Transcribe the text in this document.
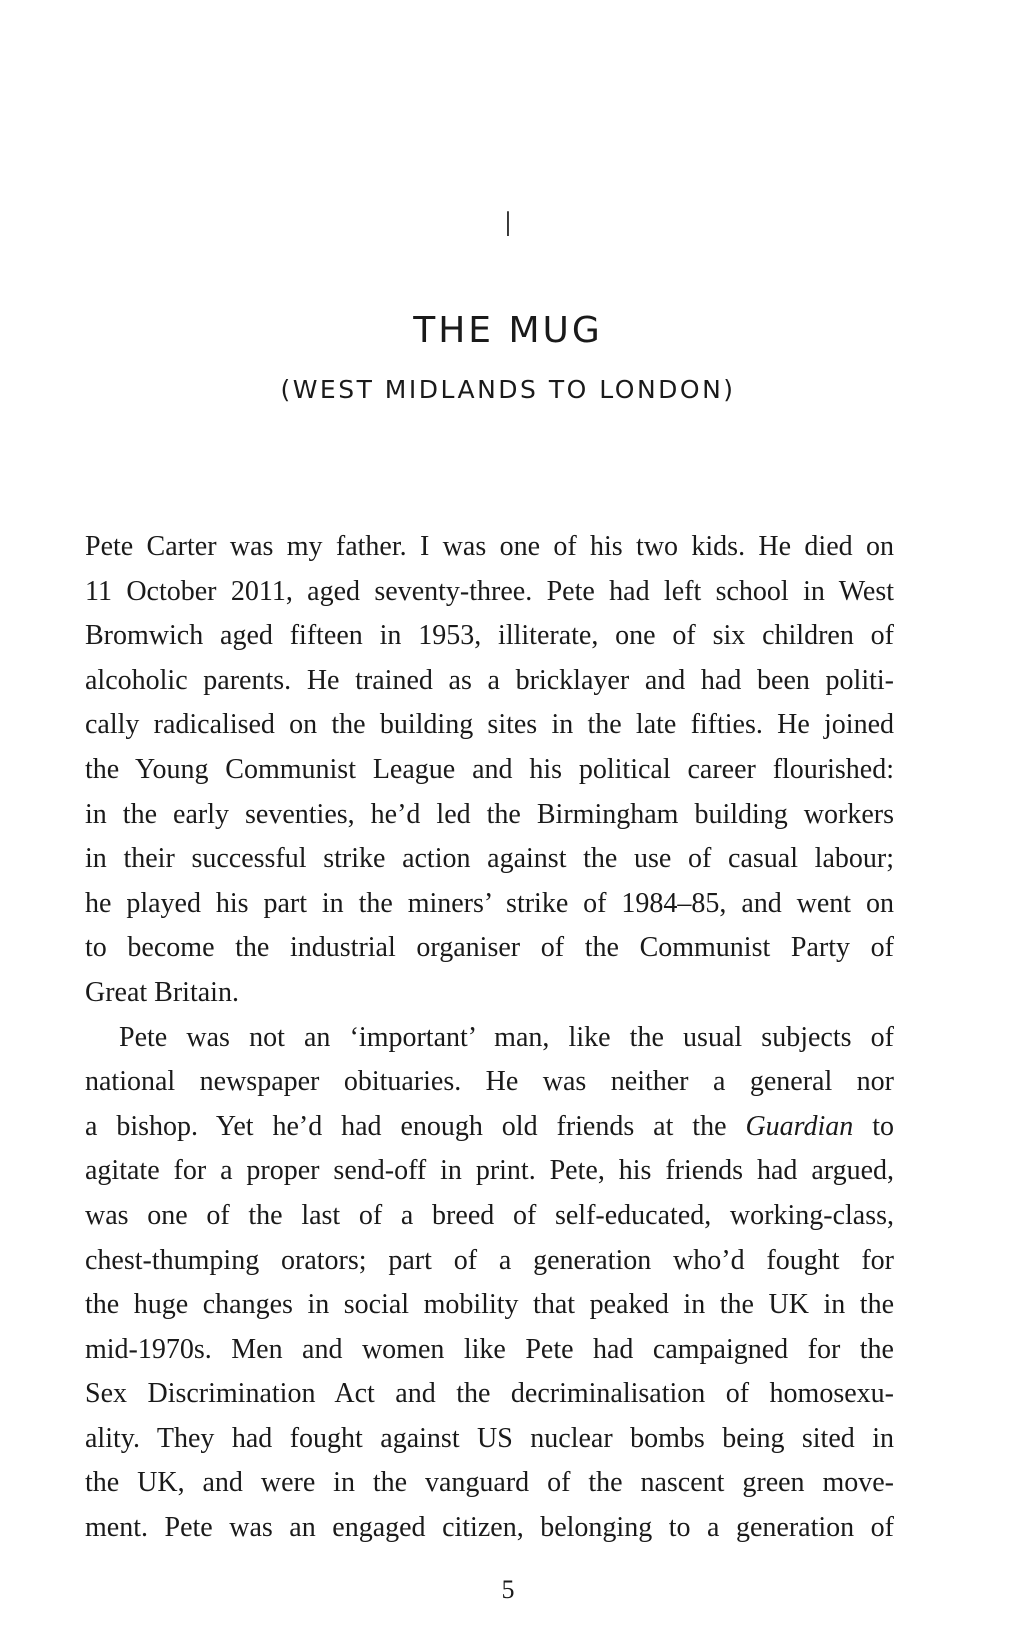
I
THE MUG
(WEST MIDLANDS TO LONDON)
Pete Carter was my father. I was one of his two kids. He died on
11 October 2011, aged seventy-three. Pete had left school in West
Bromwich aged fifteen in 1953, illiterate, one of six children of
alcoholic parents. He trained as a bricklayer and had been politi-
cally radicalised on the building sites in the late fifties. He joined
the Young Communist League and his political career flourished:
in the early seventies, he’d led the Birmingham building workers
in their successful strike action against the use of casual labour;
he played his part in the miners’ strike of 1984–85, and went on
to become the industrial organiser of the Communist Party of
Great Britain.
Pete was not an ‘important’ man, like the usual subjects of
national newspaper obituaries. He was neither a general nor
a bishop. Yet he’d had enough old friends at the Guardian to
agitate for a proper send-off in print. Pete, his friends had argued,
was one of the last of a breed of self-educated, working-class,
chest-thumping orators; part of a generation who’d fought for
the huge changes in social mobility that peaked in the UK in the
mid-1970s. Men and women like Pete had campaigned for the
Sex Discrimination Act and the decriminalisation of homosexu-
ality. They had fought against US nuclear bombs being sited in
the UK, and were in the vanguard of the nascent green move-
ment. Pete was an engaged citizen, belonging to a generation of
5
